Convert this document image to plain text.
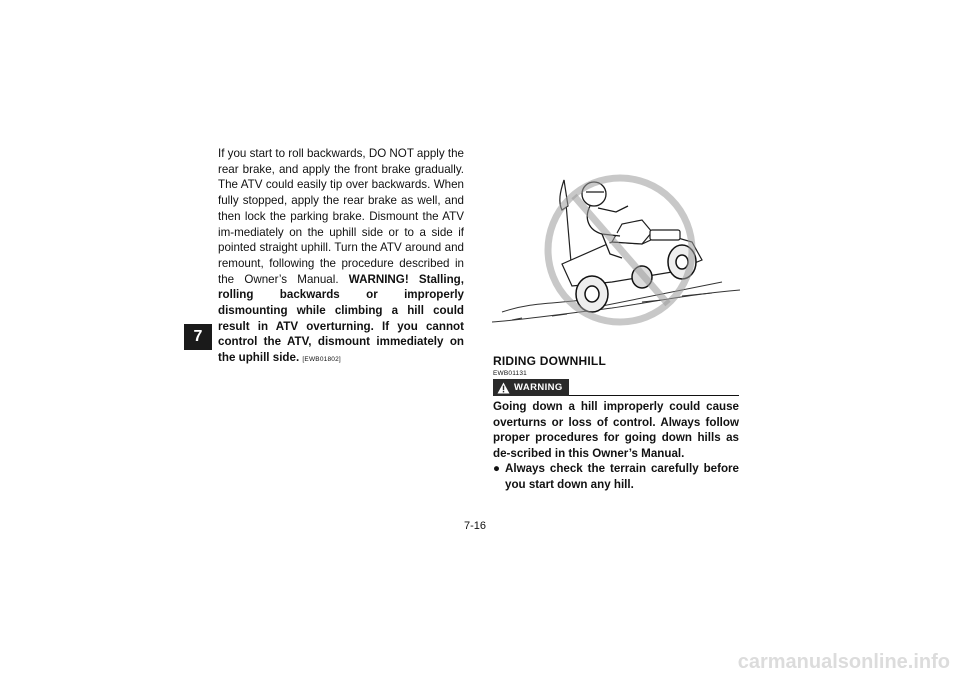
7
If you start to roll backwards, DO NOT apply the rear brake, and apply the front brake gradually. The ATV could easily tip over backwards. When fully stopped, apply the rear brake as well, and then lock the parking brake. Dismount the ATV im-mediately on the uphill side or to a side if pointed straight uphill. Turn the ATV around and remount, following the procedure described in the Owner’s Manual. WARNING! Stalling, rolling backwards or improperly dismounting while climbing a hill could result in ATV overturning. If you cannot control the ATV, dismount immediately on the uphill side. [EWB01802]	RIDING DOWNHILL
EWB01131
WARNING
Going down a hill improperly could cause overturns or loss of control. Always follow proper procedures for going down hills as de-scribed in this Owner’s Manual.
● Always check the terrain carefully before you start down any hill.
7-16
carmanualsonline.info
